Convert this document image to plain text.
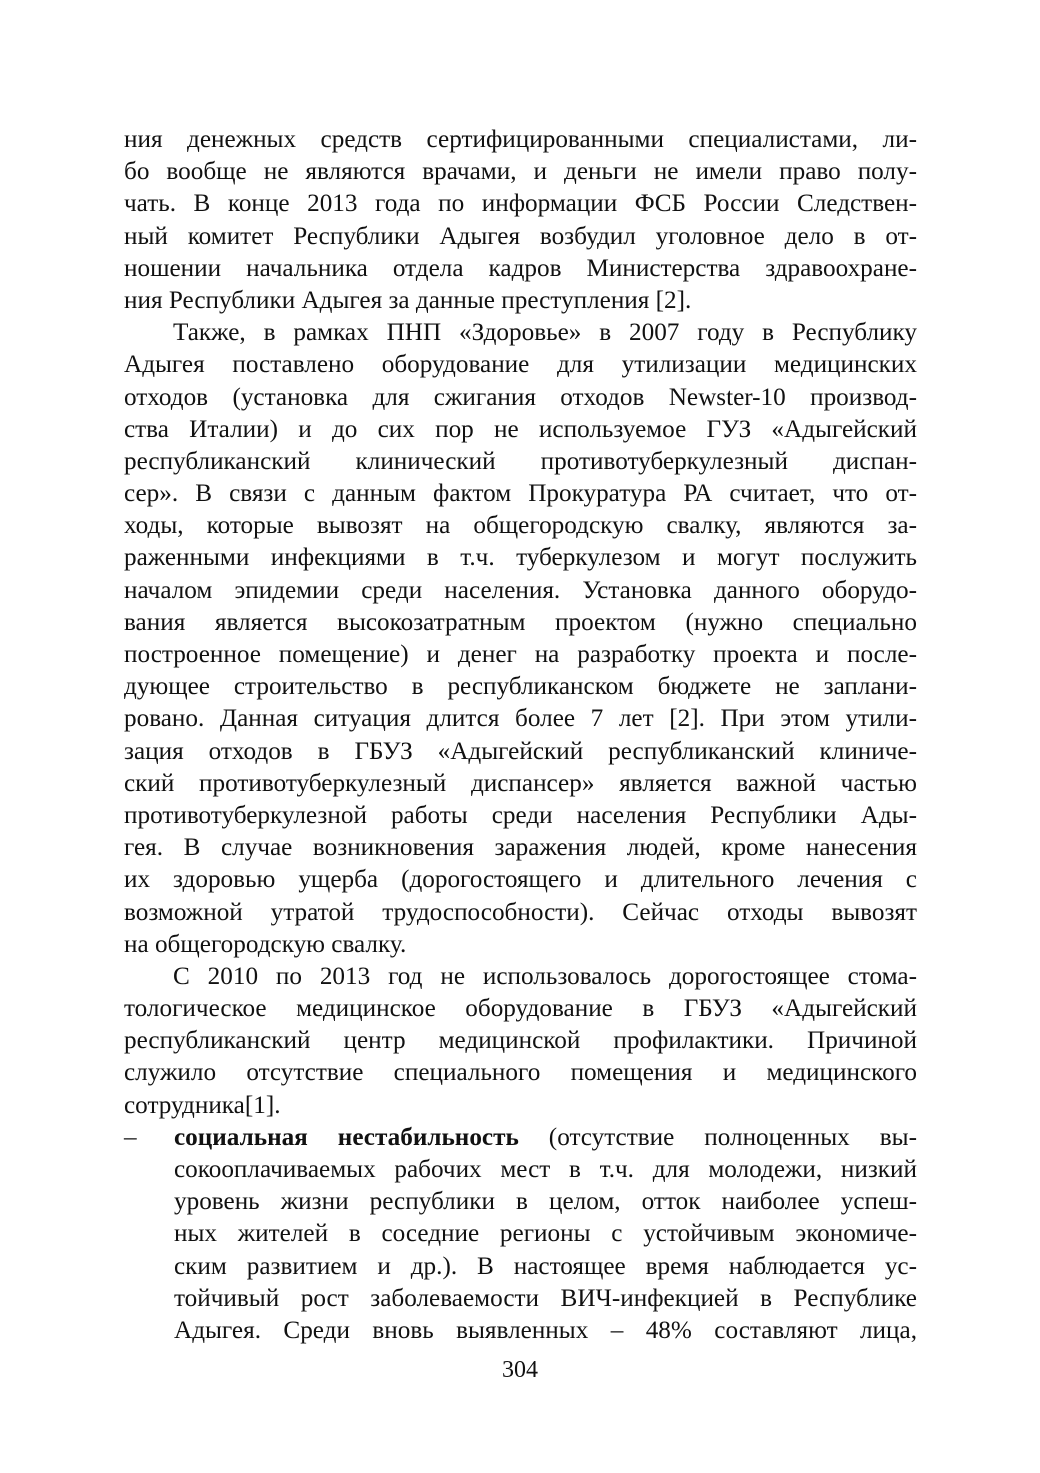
ния денежных средств сертифицированными специалистами, ли-
бо вообще не являются врачами, и деньги не имели право полу-
чать. В конце 2013 года по информации ФСБ России Следствен-
ный комитет Республики Адыгея возбудил уголовное дело в от-
ношении начальника отдела кадров Министерства здравоохране-
ния Республики Адыгея за данные преступления [2].
Также, в рамках ПНП «Здоровье» в 2007 году в Республику
Адыгея поставлено оборудование для утилизации медицинских
отходов (установка для сжигания отходов Newster-10 производ-
ства Италии) и до сих пор не используемое ГУЗ «Адыгейский
республиканский клинический противотуберкулезный диспан-
сер». В связи с данным фактом Прокуратура РА считает, что от-
ходы, которые вывозят на общегородскую свалку, являются за-
раженными инфекциями в т.ч. туберкулезом и могут послужить
началом эпидемии среди населения. Установка данного оборудо-
вания является высокозатратным проектом (нужно специально
построенное помещение) и денег на разработку проекта и после-
дующее строительство в республиканском бюджете не заплани-
ровано. Данная ситуация длится более 7 лет [2]. При этом утили-
зация отходов в ГБУЗ «Адыгейский республиканский клиниче-
ский противотуберкулезный диспансер» является важной частью
противотуберкулезной работы среди населения Республики Ады-
гея. В случае возникновения заражения людей, кроме нанесения
их здоровью ущерба (дорогостоящего и длительного лечения с
возможной утратой трудоспособности). Сейчас отходы вывозят
на общегородскую свалку.
С 2010 по 2013 год не использовалось дорогостоящее стома-
тологическое медицинское оборудование в ГБУЗ «Адыгейский
республиканский центр медицинской профилактики. Причиной
служило отсутствие специального помещения и медицинского
сотрудника[1].
– социальная нестабильность (отсутствие полноценных вы-
сокооплачиваемых рабочих мест в т.ч. для молодежи, низкий
уровень жизни республики в целом, отток наиболее успеш-
ных жителей в соседние регионы с устойчивым экономиче-
ским развитием и др.). В настоящее время наблюдается ус-
тойчивый рост заболеваемости ВИЧ-инфекцией в Республике
Адыгея. Среди вновь выявленных – 48% составляют лица,
304
